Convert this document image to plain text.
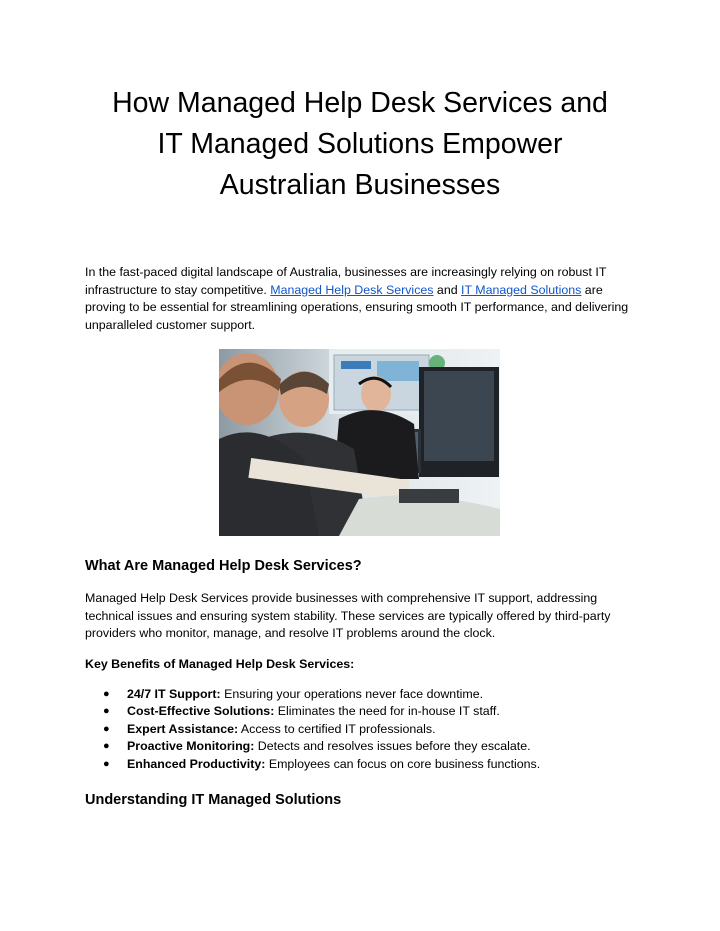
How Managed Help Desk Services and
IT Managed Solutions Empower
Australian Businesses

In the fast-paced digital landscape of Australia, businesses are increasingly relying on robust IT infrastructure to stay competitive. Managed Help Desk Services and IT Managed Solutions are proving to be essential for streamlining operations, ensuring smooth IT performance, and delivering unparalleled customer support.

What Are Managed Help Desk Services?

Managed Help Desk Services provide businesses with comprehensive IT support, addressing technical issues and ensuring system stability. These services are typically offered by third-party providers who monitor, manage, and resolve IT problems around the clock.

Key Benefits of Managed Help Desk Services:

● 24/7 IT Support: Ensuring your operations never face downtime.
● Cost-Effective Solutions: Eliminates the need for in-house IT staff.
● Expert Assistance: Access to certified IT professionals.
● Proactive Monitoring: Detects and resolves issues before they escalate.
● Enhanced Productivity: Employees can focus on core business functions.
Understanding IT Managed Solutions
